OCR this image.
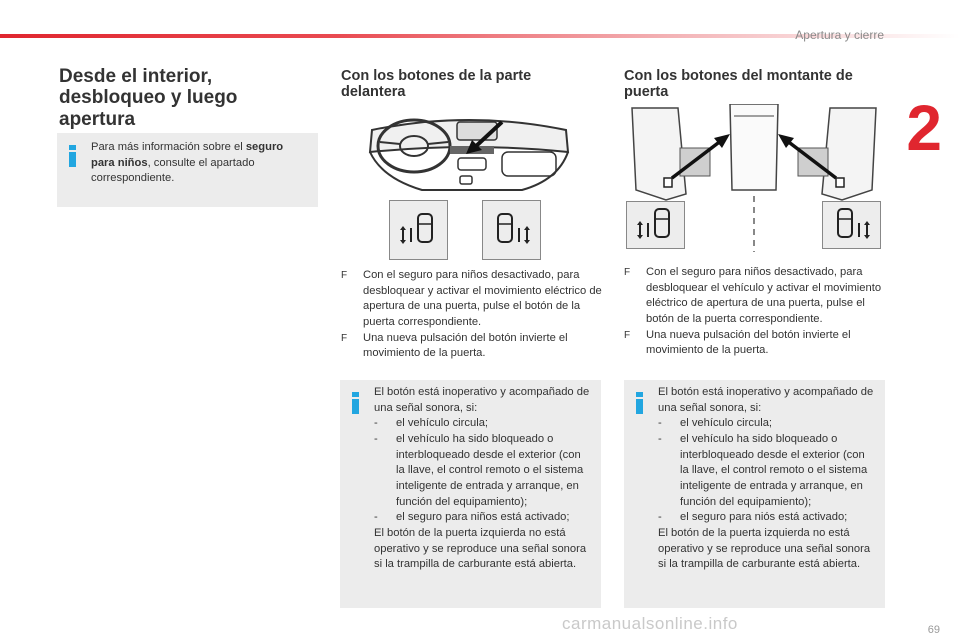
Apertura y cierre
2
Desde el interior, desbloqueo y luego apertura
Para más información sobre el seguro para niños, consulte el apartado correspondiente.
Con los botones de la parte delantera
F	Con el seguro para niños desactivado, para desbloquear y activar el movimiento eléctrico de apertura de una puerta, pulse el botón de la puerta correspondiente.
F	Una nueva pulsación del botón invierte el movimiento de la puerta.
El botón está inoperativo y acompañado de una señal sonora, si:
-	el vehículo circula;
-	el vehículo ha sido bloqueado o interbloqueado desde el exterior (con la llave, el control remoto o el sistema inteligente de entrada y arranque, en función del equipamiento);
-	el seguro para niños está activado;
El botón de la puerta izquierda no está operativo y se reproduce una señal sonora si la trampilla de carburante está abierta.
Con los botones del montante de puerta
F	Con el seguro para niños desactivado, para desbloquear el vehículo y activar el movimiento eléctrico de apertura de una puerta, pulse el botón de la puerta correspondiente.
F	Una nueva pulsación del botón invierte el movimiento de la puerta.
El botón está inoperativo y acompañado de una señal sonora, si:
-	el vehículo circula;
-	el vehículo ha sido bloqueado o interbloqueado desde el exterior (con la llave, el control remoto o el sistema inteligente de entrada y arranque, en función del equipamiento);
-	el seguro para niós está activado;
El botón de la puerta izquierda no está operativo y se reproduce una señal sonora si la trampilla de carburante está abierta.
69
carmanualsonline.info
